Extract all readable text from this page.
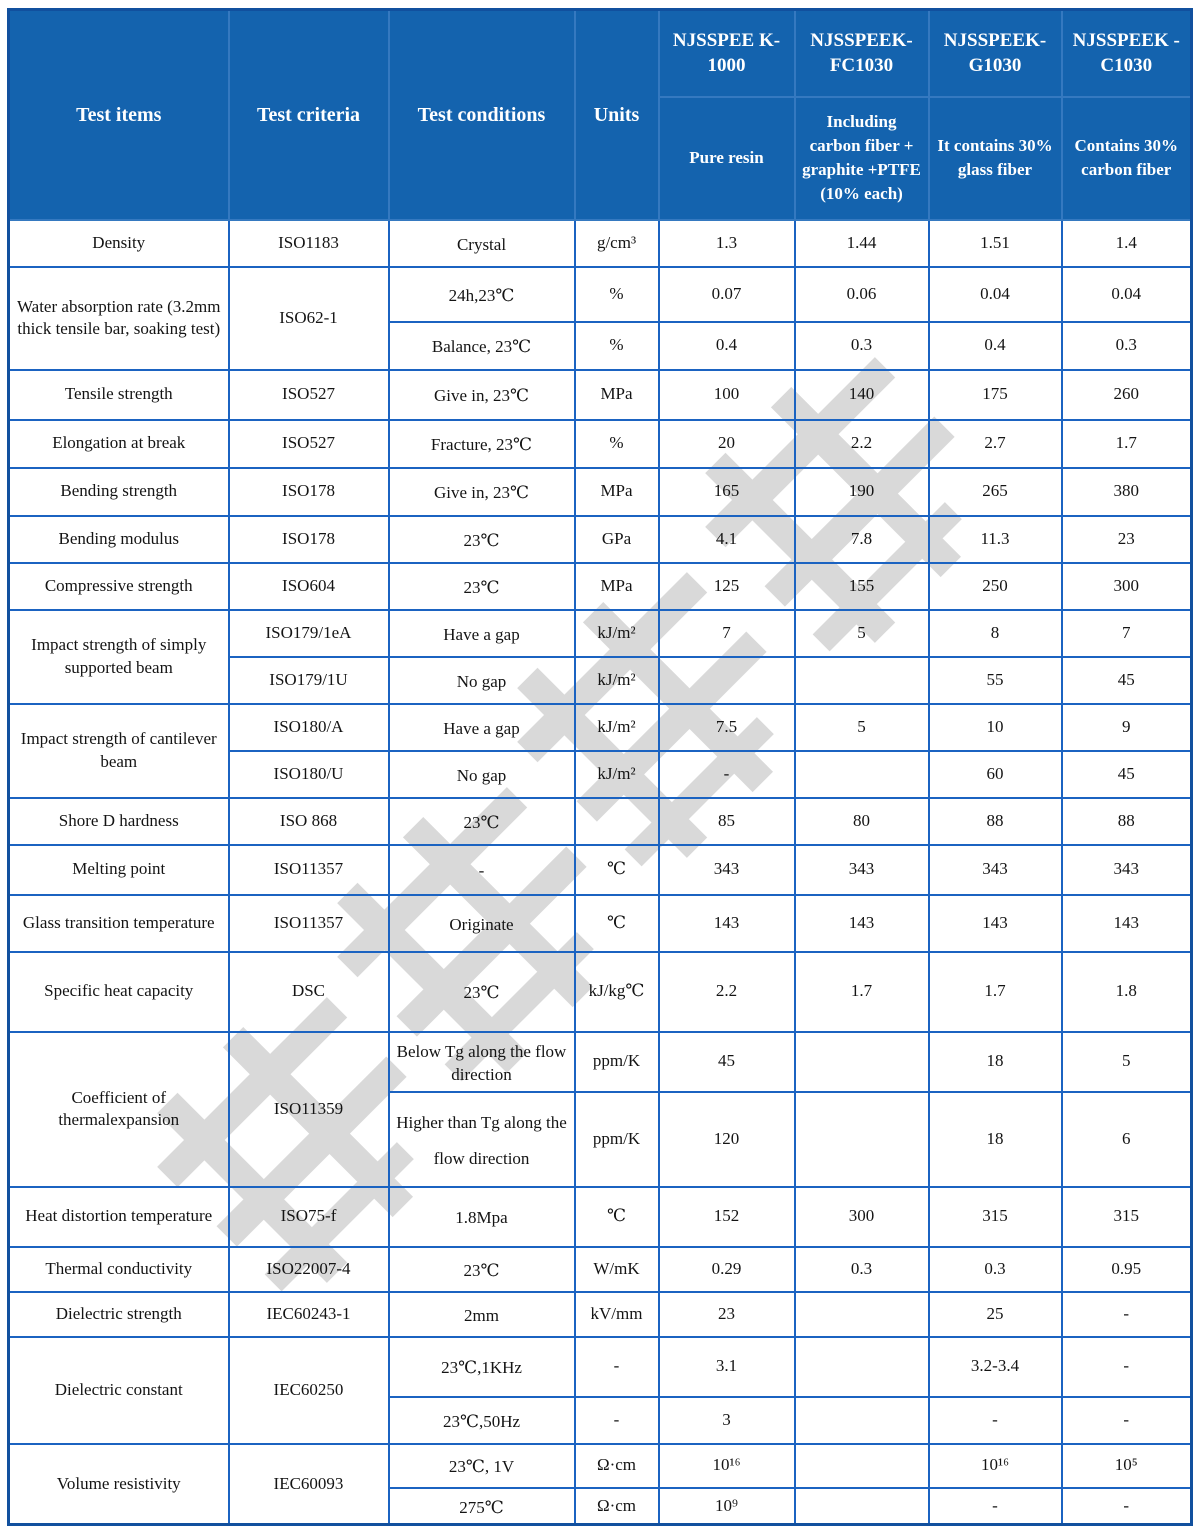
Test items	Test criteria	Test conditions	Units	NJSSPEE K-1000	NJSSPEEK-FC1030	NJSSPEEK-G1030	NJSSPEEK -C1030
				Pure resin	Including carbon fiber + graphite +PTFE (10% each)	It contains 30% glass fiber	Contains 30% carbon fiber
Density	ISO1183	Crystal	g/cm³	1.3	1.44	1.51	1.4
Water absorption rate (3.2mm thick tensile bar, soaking test)	ISO62-1	24h,23℃	%	0.07	0.06	0.04	0.04
		Balance, 23℃	%	0.4	0.3	0.4	0.3
Tensile strength	ISO527	Give in, 23℃	MPa	100	140	175	260
Elongation at break	ISO527	Fracture, 23℃	%	20	2.2	2.7	1.7
Bending strength	ISO178	Give in, 23℃	MPa	165	190	265	380
Bending modulus	ISO178	23℃	GPa	4.1	7.8	11.3	23
Compressive strength	ISO604	23℃	MPa	125	155	250	300
Impact strength of simply supported beam	ISO179/1eA	Have a gap	kJ/m²	7	5	8	7
	ISO179/1U	No gap	kJ/m²			55	45
Impact strength of cantilever beam	ISO180/A	Have a gap	kJ/m²	7.5	5	10	9
	ISO180/U	No gap	kJ/m²	-		60	45
Shore D hardness	ISO 868	23℃		85	80	88	88
Melting point	ISO11357	-	℃	343	343	343	343
Glass transition temperature	ISO11357	Originate	℃	143	143	143	143
Specific heat capacity	DSC	23℃	kJ/kg℃	2.2	1.7	1.7	1.8
Coefficient of thermalexpansion	ISO11359	Below Tg along the flow direction	ppm/K	45		18	5
		Higher than Tg along the flow direction	ppm/K	120		18	6
Heat distortion temperature	ISO75-f	1.8Mpa	℃	152	300	315	315
Thermal conductivity	ISO22007-4	23℃	W/mK	0.29	0.3	0.3	0.95
Dielectric strength	IEC60243-1	2mm	kV/mm	23		25	-
Dielectric constant	IEC60250	23℃,1KHz	-	3.1		3.2-3.4	-
		23℃,50Hz	-	3		-	-
Volume resistivity	IEC60093	23℃, 1V	Ω·cm	10¹⁶		10¹⁶	10⁵
		275℃	Ω·cm	10⁹		-	-
